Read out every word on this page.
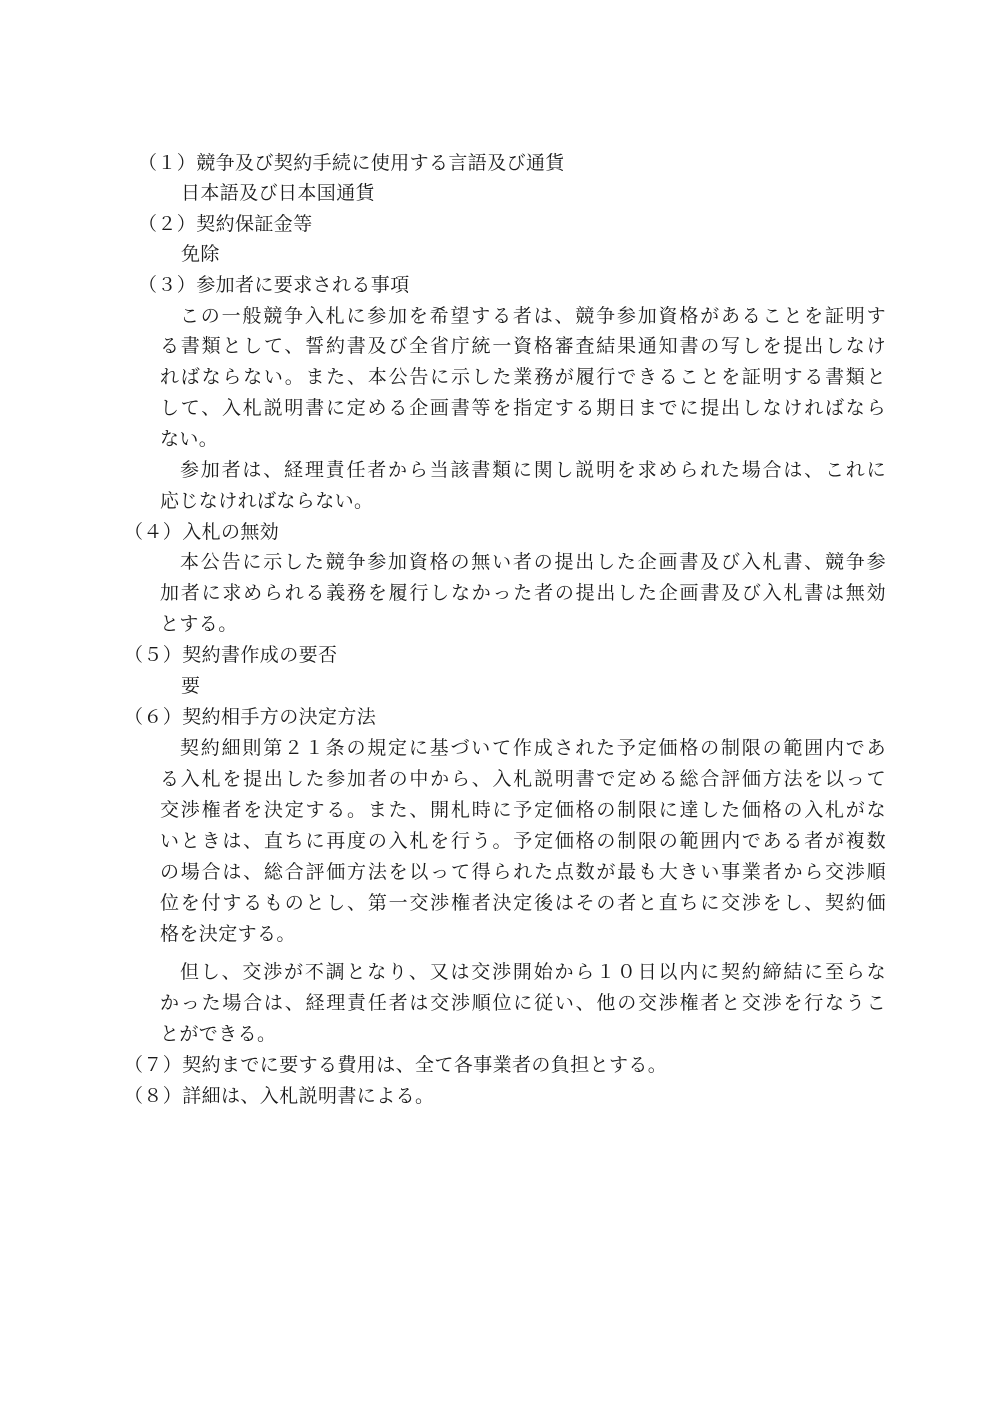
（１）競争及び契約手続に使用する言語及び通貨
日本語及び日本国通貨
（２）契約保証金等
免除
（３）参加者に要求される事項
この一般競争入札に参加を希望する者は、競争参加資格があることを証明す
る書類として、誓約書及び全省庁統一資格審査結果通知書の写しを提出しなけ
ればならない。また、本公告に示した業務が履行できることを証明する書類と
して、入札説明書に定める企画書等を指定する期日までに提出しなければなら
ない。
参加者は、経理責任者から当該書類に関し説明を求められた場合は、これに
応じなければならない。
（４）入札の無効
本公告に示した競争参加資格の無い者の提出した企画書及び入札書、競争参
加者に求められる義務を履行しなかった者の提出した企画書及び入札書は無効
とする。
（５）契約書作成の要否
要
（６）契約相手方の決定方法
契約細則第２１条の規定に基づいて作成された予定価格の制限の範囲内であ
る入札を提出した参加者の中から、入札説明書で定める総合評価方法を以って
交渉権者を決定する。また、開札時に予定価格の制限に達した価格の入札がな
いときは、直ちに再度の入札を行う。予定価格の制限の範囲内である者が複数
の場合は、総合評価方法を以って得られた点数が最も大きい事業者から交渉順
位を付するものとし、第一交渉権者決定後はその者と直ちに交渉をし、契約価
格を決定する。
但し、交渉が不調となり、又は交渉開始から１０日以内に契約締結に至らな
かった場合は、経理責任者は交渉順位に従い、他の交渉権者と交渉を行なうこ
とができる。
（７）契約までに要する費用は、全て各事業者の負担とする。
（８）詳細は、入札説明書による。
